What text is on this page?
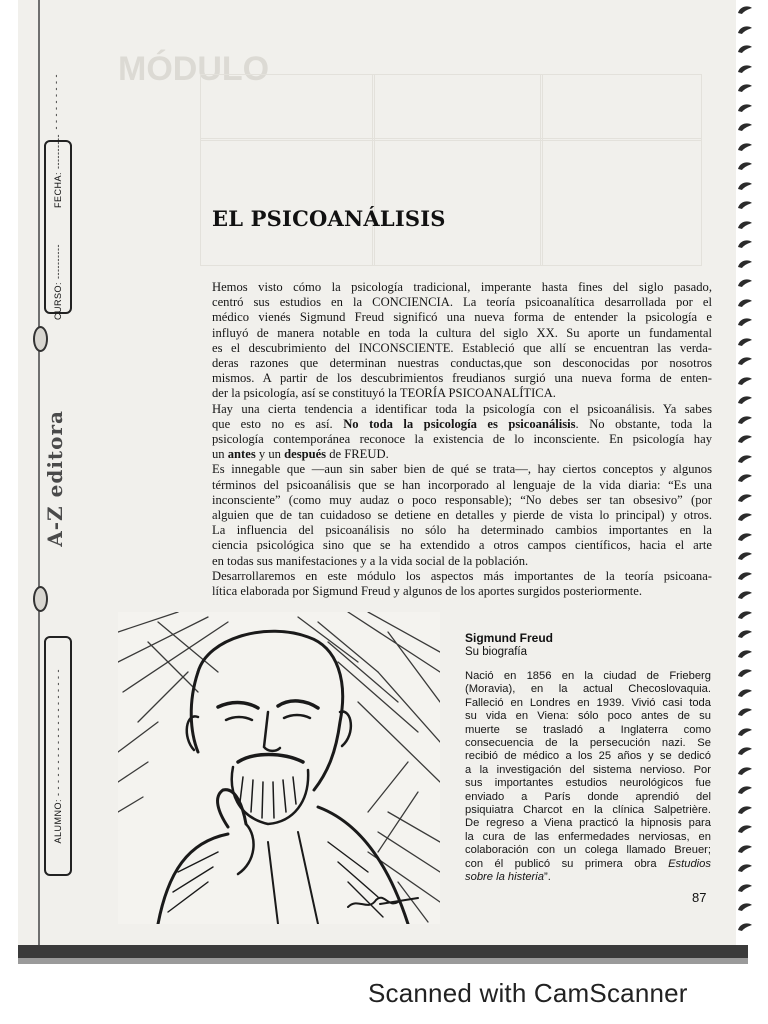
MÓDULO
FECHA: ----------
CURSO: ----------
- - - - - - - - -
A-Z editora
ALUMNO: - - - - - - - - - - - - - - - - - - - -
EL PSICOANÁLISIS
Hemos visto cómo la psicología tradicional, imperante hasta fines del siglo pasado,
centró sus estudios en la CONCIENCIA. La teoría psicoanalítica desarrollada por el
médico vienés Sigmund Freud significó una nueva forma de entender la psicología e
influyó de manera notable en toda la cultura del siglo XX. Su aporte un fundamental
es el descubrimiento del INCONSCIENTE. Estableció que allí se encuentran las verda-
deras razones que determinan nuestras conductas,que son desconocidas por nosotros
mismos. A partir de los descubrimientos freudianos surgió una nueva forma de enten-
der la psicología, así se constituyó la TEORÍA PSICOANALÍTICA.
Hay una cierta tendencia a identificar toda la psicología con el psicoanálisis. Ya sabes
que esto no es así. No toda la psicología es psicoanálisis. No obstante, toda la
psicología contemporánea reconoce la existencia de lo inconsciente. En psicología hay
un antes y un después de FREUD.
Es innegable que —aun sin saber bien de qué se trata—, hay ciertos conceptos y algunos
términos del psicoanálisis que se han incorporado al lenguaje de la vida diaria: “Es una
inconsciente” (como muy audaz o poco responsable); “No debes ser tan obsesivo” (por
alguien que de tan cuidadoso se detiene en detalles y pierde de vista lo principal) y otros.
La influencia del psicoanálisis no sólo ha determinado cambios importantes en la
ciencia psicológica sino que se ha extendido a otros campos científicos, hacia el arte
en todas sus manifestaciones y a la vida social de la población.
Desarrollaremos en este módulo los aspectos más importantes de la teoría psicoana-
lítica elaborada por Sigmund Freud y algunos de los aportes surgidos posteriormente.
Sigmund Freud
Su biografía
Nació en 1856 en la ciudad de Frieberg
(Moravia), en la actual Checoslovaquia.
Falleció en Londres en 1939. Vivió casi toda
su vida en Viena: sólo poco antes de su
muerte se trasladó a Inglaterra como
consecuencia de la persecución nazi. Se
recibió de médico a los 25 años y se dedicó
a la investigación del sistema nervioso. Por
sus importantes estudios neurológicos fue
enviado a París donde aprendió del
psiquiatra Charcot en la clínica Salpetrière.
De regreso a Viena practicó la hipnosis para
la cura de las enfermedades nerviosas, en
colaboración con un colega llamado Breuer;
con él publicó su primera obra Estudios
sobre la histeria”.
87
Scanned with CamScanner
